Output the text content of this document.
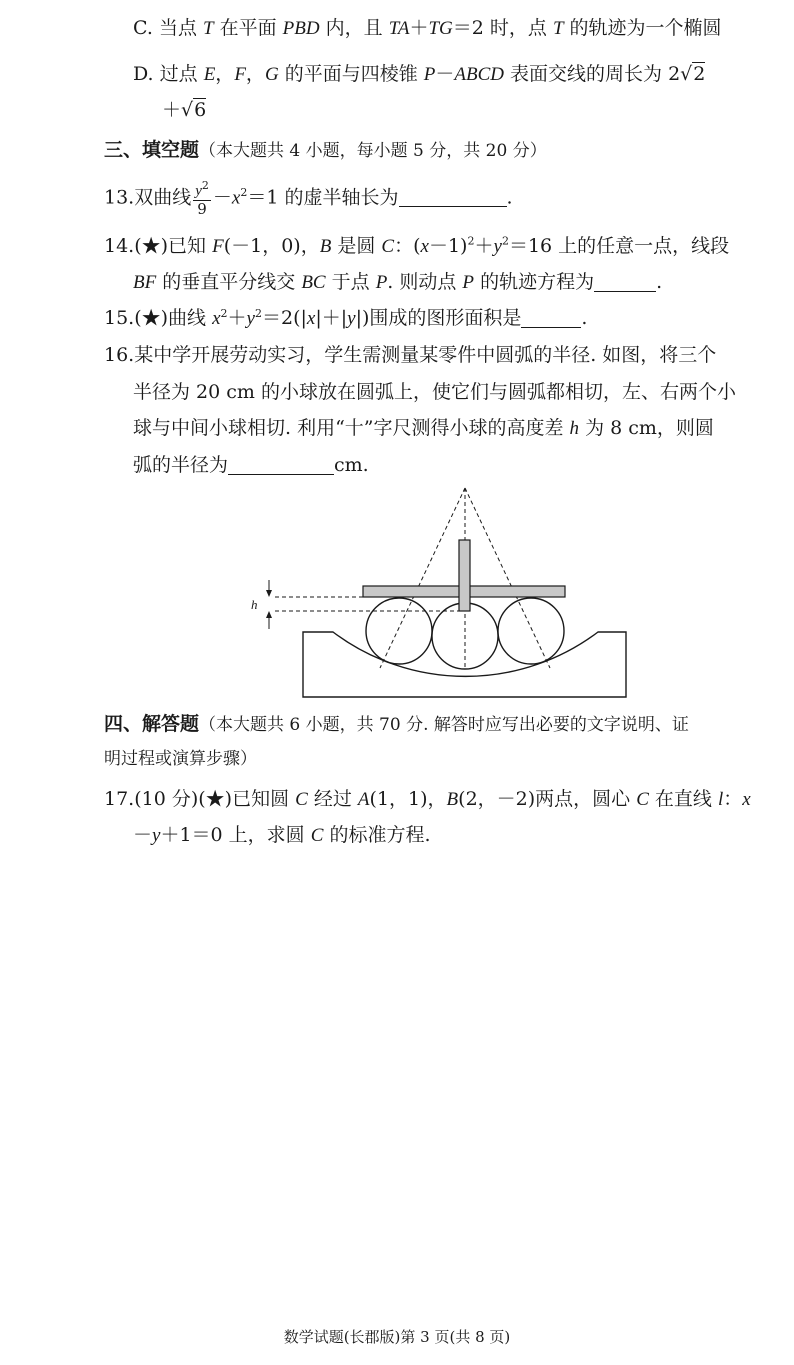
C. 当点 T 在平面 PBD 内，且 TA＋TG＝2 时，点 T 的轨迹为一个椭圆
D. 过点 E，F，G 的平面与四棱锥 P－ABCD 表面交线的周长为 2√2
＋√6
三、填空题（本大题共 4 小题，每小题 5 分，共 20 分）
13.双曲线 $\frac{y^2}{9} -x^2=1$ 的虚半轴长为	.
14.(★)已知 F(－1，0)，B 是圆 C：$(x-1)^2+y^2=16$ 上的任意一点，线段
BF 的垂直平分线交 BC 于点 P. 则动点 P 的轨迹方程为	.
15.(★)曲线 $x^2+y^2=2(|x|+|y|)$围成的图形面积是	.
16.某中学开展劳动实习，学生需测量某零件中圆弧的半径. 如图，将三个
半径为 20 cm 的小球放在圆弧上，使它们与圆弧都相切，左、右两个小
球与中间小球相切. 利用“十”字尺测得小球的高度差 h 为 8 cm，则圆
弧的半径为	cm.
h
四、解答题（本大题共 6 小题，共 70 分. 解答时应写出必要的文字说明、证
明过程或演算步骤）
17.(10 分)(★)已知圆 C 经过 A(1，1)，B(2，－2)两点，圆心 C 在直线 l：x
－y＋1＝0 上，求圆 C 的标准方程.
数学试题(长郡版)第 3 页(共 8 页)
